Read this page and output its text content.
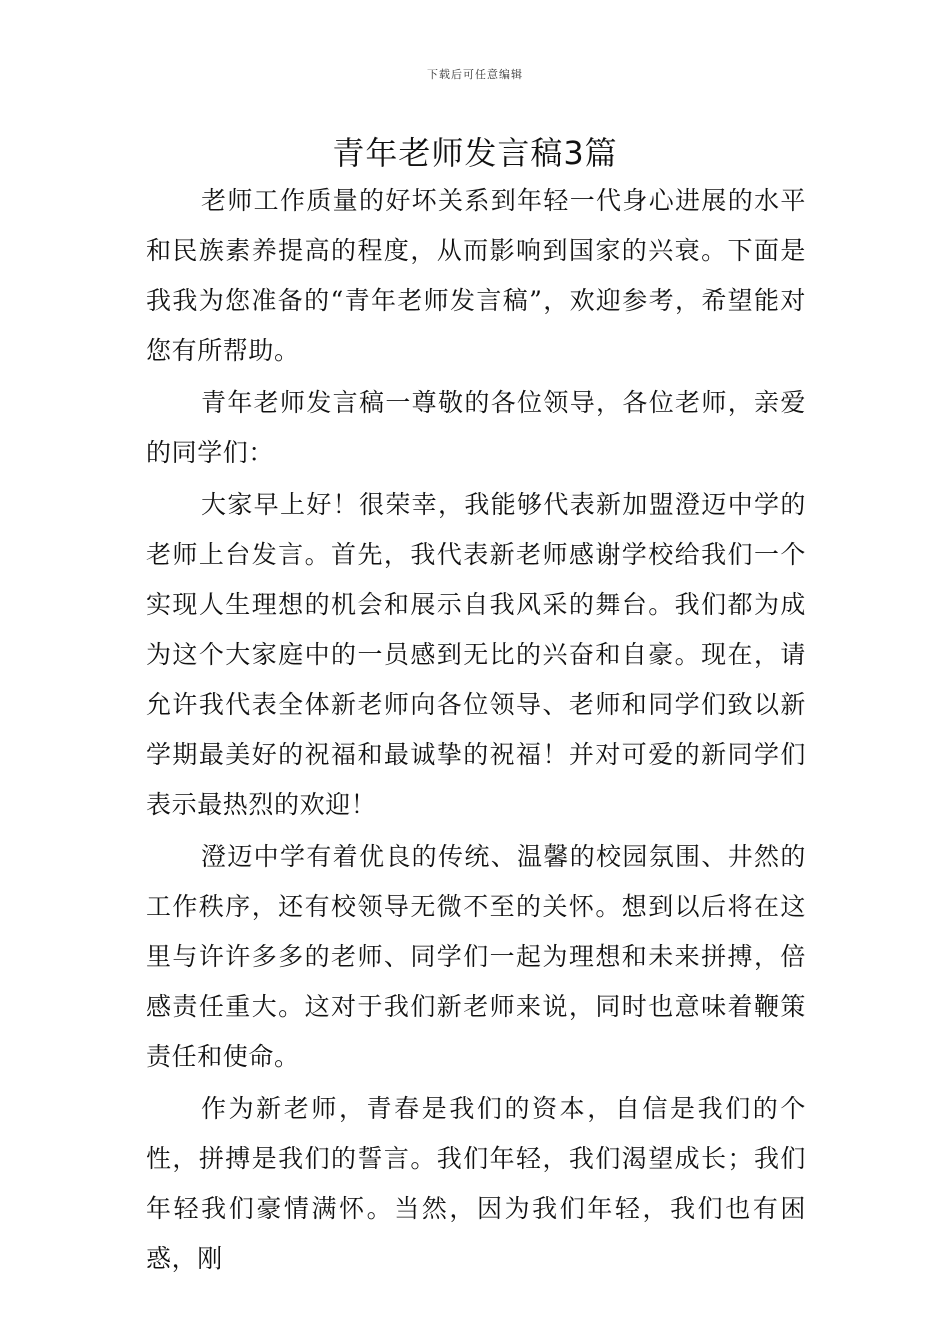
下载后可任意编辑
青年老师发言稿3篇

老师工作质量的好坏关系到年轻一代身心进展的水平和民族素养提高的程度，从而影响到国家的兴衰。下面是我我为您准备的“青年老师发言稿”，欢迎参考，希望能对您有所帮助。

青年老师发言稿一尊敬的各位领导，各位老师，亲爱的同学们：

大家早上好！很荣幸，我能够代表新加盟澄迈中学的老师上台发言。首先，我代表新老师感谢学校给我们一个实现人生理想的机会和展示自我风采的舞台。我们都为成为这个大家庭中的一员感到无比的兴奋和自豪。现在，请允许我代表全体新老师向各位领导、老师和同学们致以新学期最美好的祝福和最诚挚的祝福！并对可爱的新同学们表示最热烈的欢迎！

澄迈中学有着优良的传统、温馨的校园氛围、井然的工作秩序，还有校领导无微不至的关怀。想到以后将在这里与许许多多的老师、同学们一起为理想和未来拼搏，倍感责任重大。这对于我们新老师来说，同时也意味着鞭策责任和使命。

作为新老师，青春是我们的资本，自信是我们的个性，拼搏是我们的誓言。我们年轻，我们渴望成长；我们年轻我们豪情满怀。当然，因为我们年轻，我们也有困惑，刚
